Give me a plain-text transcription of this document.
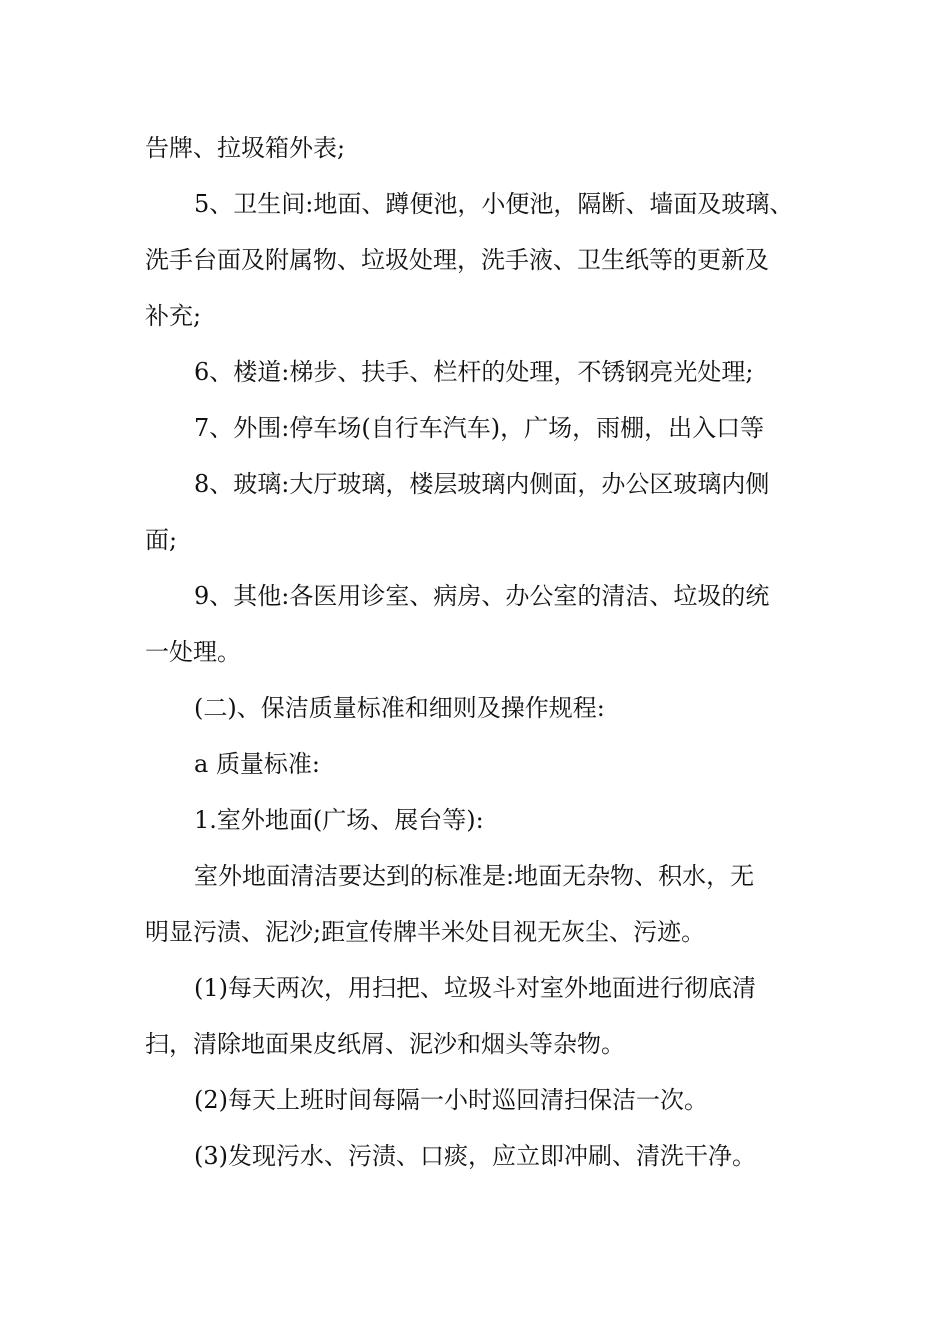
告牌、拉圾箱外表;
5、卫生间:地面、蹲便池，小便池，隔断、墙面及玻璃、
洗手台面及附属物、垃圾处理，洗手液、卫生纸等的更新及
补充;
6、楼道:梯步、扶手、栏杆的处理，不锈钢亮光处理;
7、外围:停车场(自行车汽车)，广场，雨棚，出入口等
8、玻璃:大厅玻璃，楼层玻璃内侧面，办公区玻璃内侧
面;
9、其他:各医用诊室、病房、办公室的清洁、垃圾的统
一处理。
(二)、保洁质量标准和细则及操作规程:
a 质量标准:
1.室外地面(广场、展台等):
室外地面清洁要达到的标准是:地面无杂物、积水，无
明显污渍、泥沙;距宣传牌半米处目视无灰尘、污迹。
(1)每天两次，用扫把、垃圾斗对室外地面进行彻底清
扫，清除地面果皮纸屑、泥沙和烟头等杂物。
(2)每天上班时间每隔一小时巡回清扫保洁一次。
(3)发现污水、污渍、口痰，应立即冲刷、清洗干净。
